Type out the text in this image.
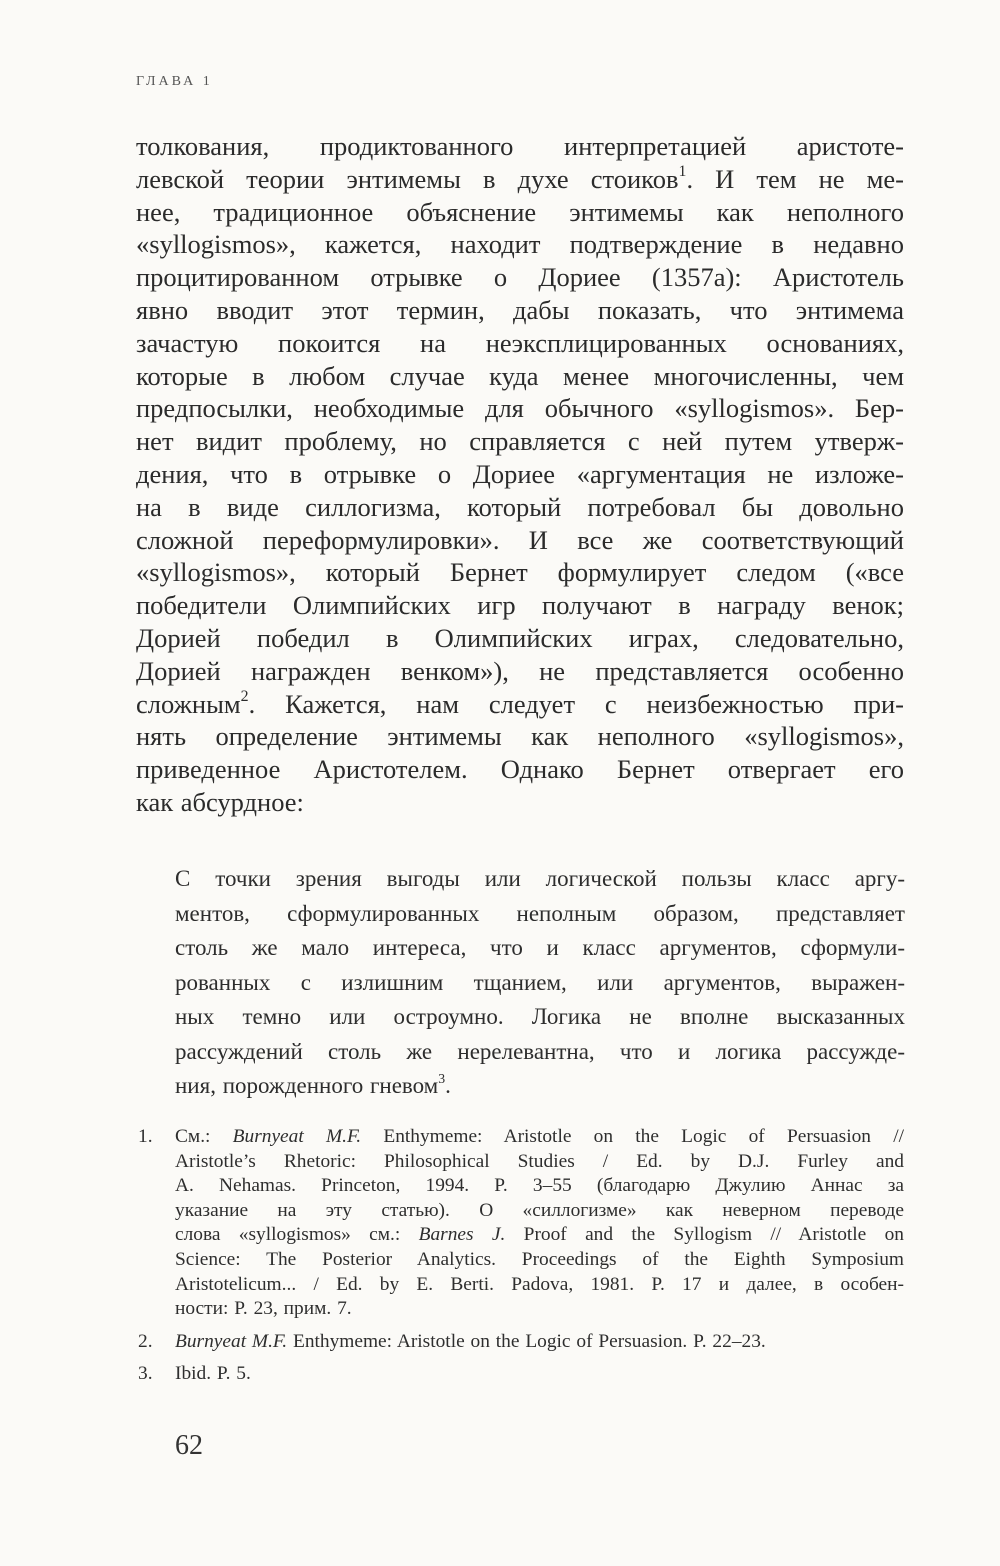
ГЛАВА 1
толкования, продиктованного интерпретацией аристоте-
левской теории энтимемы в духе стоиков$^1$. И тем не ме-
нее, традиционное объяснение энтимемы как неполного
«syllogismos», кажется, находит подтверждение в недавно
процитированном отрывке о Дориее (1357а): Аристотель
явно вводит этот термин, дабы показать, что энтимема
зачастую покоится на неэксплицированных основаниях,
которые в любом случае куда менее многочисленны, чем
предпосылки, необходимые для обычного «syllogismos». Бер-
нет видит проблему, но справляется с ней путем утверж-
дения, что в отрывке о Дориее «аргументация не изложе-
на в виде силлогизма, который потребовал бы довольно
сложной переформулировки». И все же соответствующий
«syllogismos», который Бернет формулирует следом («все
победители Олимпийских игр получают в награду венок;
Дорией победил в Олимпийских играх, следовательно,
Дорией награжден венком»), не представляется особенно
сложным$^2$. Кажется, нам следует с неизбежностью при-
нять определение энтимемы как неполного «syllogismos»,
приведенное Аристотелем. Однако Бернет отвергает его
как абсурдное:
С точки зрения выгоды или логической пользы класс аргу-
ментов, сформулированных неполным образом, представляет
столь же мало интереса, что и класс аргументов, сформули-
рованных с излишним тщанием, или аргументов, выражен-
ных темно или остроумно. Логика не вполне высказанных
рассуждений столь же нерелевантна, что и логика рассужде-
ния, порожденного гневом$^3$.
1. См.: Burnyeat M.F. Enthymeme: Aristotle on the Logic of Persuasion //
Aristotle’s Rhetoric: Philosophical Studies / Ed. by D.J. Furley and
A. Nehamas. Princeton, 1994. P. 3–55 (благодарю Джулию Аннас за
указание на эту статью). О «силлогизме» как неверном переводе
слова «syllogismos» см.: Barnes J. Proof and the Syllogism // Aristotle on
Science: The Posterior Analytics. Proceedings of the Eighth Symposium
Aristotelicum... / Ed. by E. Berti. Padova, 1981. P. 17 и далее, в особен-
ности: P. 23, прим. 7.
2. Burnyeat M.F. Enthymeme: Aristotle on the Logic of Persuasion. P. 22–23.
3. Ibid. P. 5.
62
